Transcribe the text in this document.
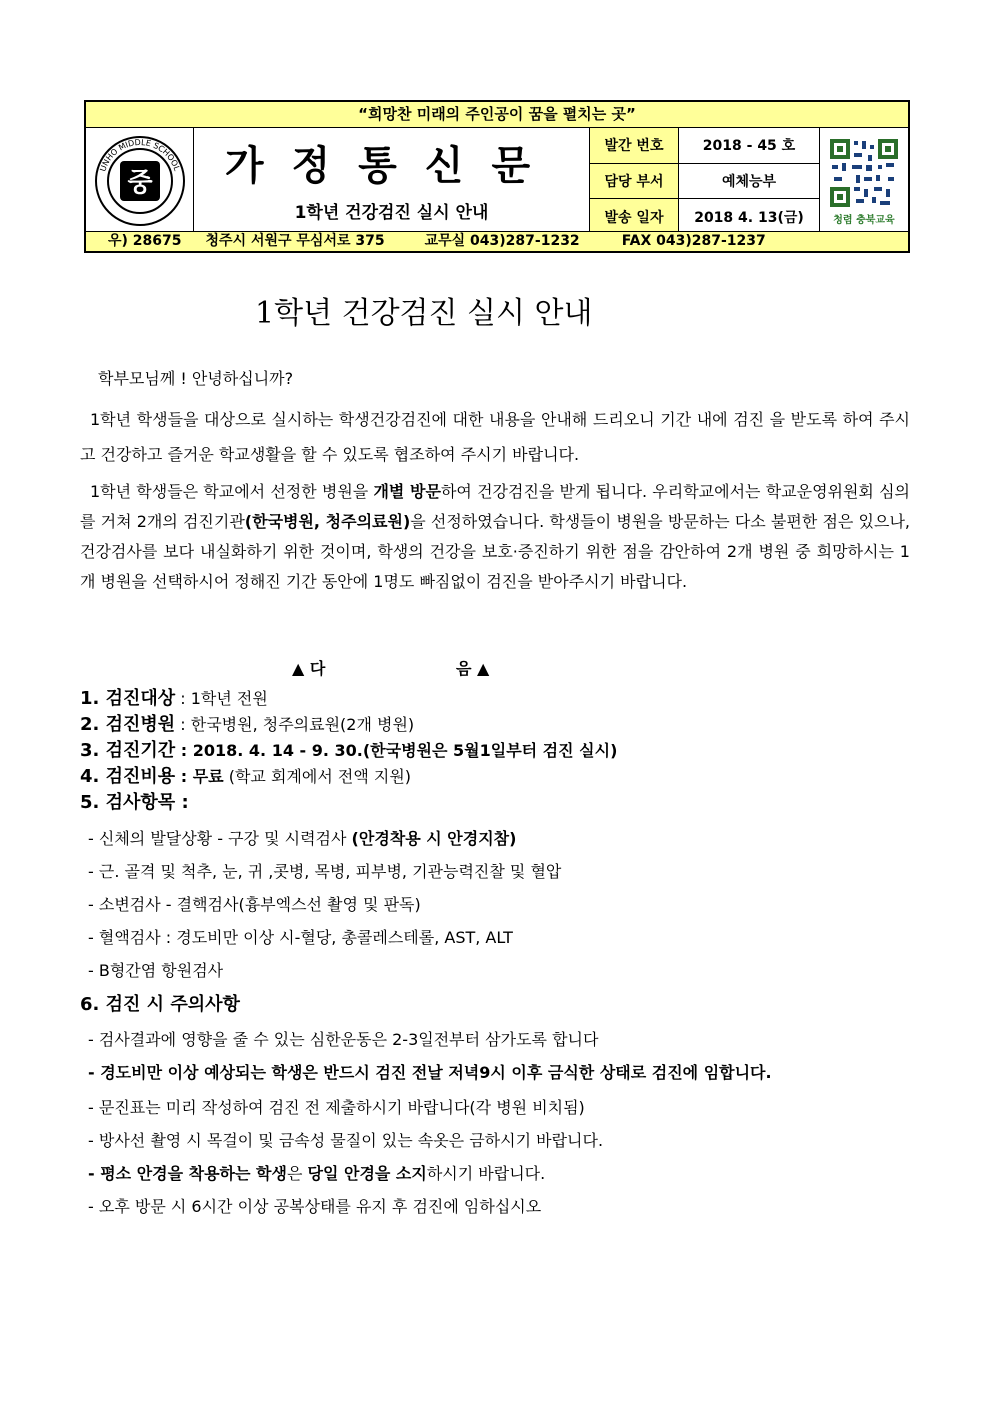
“희망찬 미래의 주인공이 꿈을 펼치는 곳”
UNHO MIDDLE SCHOOL
중	가정통신문
1학년 건강검진 실시 안내
발간 번호	2018 - 45 호
담당 부서	예체능부
발송 일자	2018 4. 13(금)	청렴 충북교육
우) 28675 청주시 서원구 무심서로 375	교무실 043)287-1232	FAX 043)287-1237
1학년 건강검진 실시 안내
학부모님께 ! 안녕하십니까?

1학년 학생들을 대상으로 실시하는 학생건강검진에 대한 내용을 안내해 드리오니 기간 내에 검진 을 받도록 하여 주시고 건강하고 즐거운 학교생활을 할 수 있도록 협조하여 주시기 바랍니다.

1학년 학생들은 학교에서 선정한 병원을 개별 방문하여 건강검진을 받게 됩니다. 우리학교에서는 학교운영위원회 심의를 거쳐 2개의 검진기관(한국병원, 청주의료원)을 선정하였습니다. 학생들이 병원을 방문하는 다소 불편한 점은 있으나, 건강검사를 보다 내실화하기 위한 것이며, 학생의 건강을 보호·증진하기 위한 점을 감안하여 2개 병원 중 희망하시는 1개 병원을 선택하시어 정해진 기간 동안에 1명도 빠짐없이 검진을 받아주시기 바랍니다.

▲ 다	음 ▲
1. 검진대상 : 1학년 전원
2. 검진병원 : 한국병원, 청주의료원(2개 병원)
3. 검진기간 : 2018. 4. 14 - 9. 30.(한국병원은 5월1일부터 검진 실시)
4. 검진비용 : 무료 (학교 회계에서 전액 지원)
5. 검사항목 :
- 신체의 발달상황 - 구강 및 시력검사 (안경착용 시 안경지참)
- 근. 골격 및 척추, 눈, 귀 ,콧병, 목병, 피부병, 기관능력진찰 및 혈압
- 소변검사 - 결핵검사(흉부엑스선 촬영 및 판독)
- 혈액검사 : 경도비만 이상 시-혈당, 총콜레스테롤, AST, ALT
- B형간염 항원검사
6. 검진 시 주의사항
- 검사결과에 영향을 줄 수 있는 심한운동은 2-3일전부터 삼가도록 합니다
- 경도비만 이상 예상되는 학생은 반드시 검진 전날 저녁9시 이후 금식한 상태로 검진에 임합니다.
- 문진표는 미리 작성하여 검진 전 제출하시기 바랍니다(각 병원 비치됨)
- 방사선 촬영 시 목걸이 및 금속성 물질이 있는 속옷은 금하시기 바랍니다.
- 평소 안경을 착용하는 학생은 당일 안경을 소지하시기 바랍니다.
- 오후 방문 시 6시간 이상 공복상태를 유지 후 검진에 임하십시오
